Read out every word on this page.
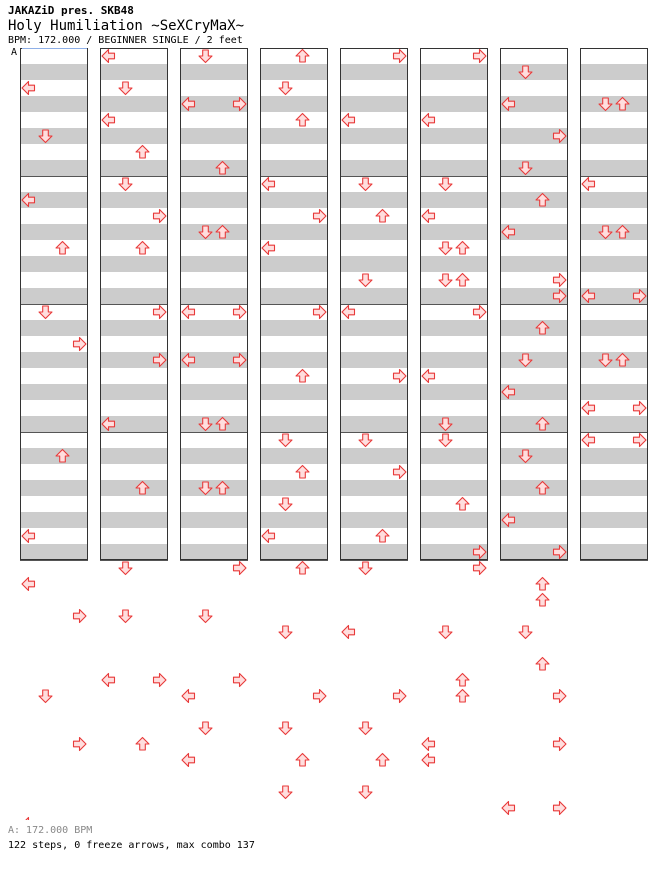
JAKAZiD pres. SKB48
Holy Humiliation ~SeXCryMaX~
BPM: 172.000 / BEGINNER SINGLE / 2 feet
A
A: 172.000 BPM
122 steps, 0 freeze arrows, max combo 137
